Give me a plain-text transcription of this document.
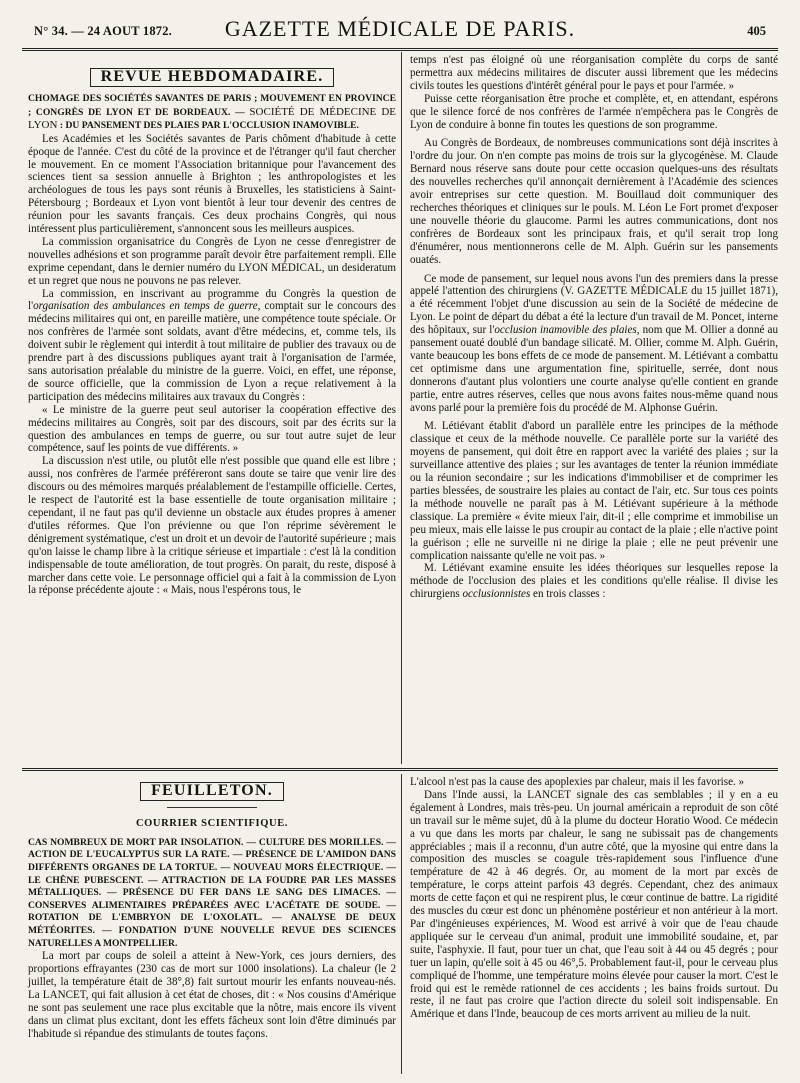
N° 34. — 24 AOUT 1872.	GAZETTE MÉDICALE DE PARIS.	405
REVUE HEBDOMADAIRE.

CHOMAGE DES SOCIÉTÉS SAVANTES DE PARIS ; MOUVEMENT EN PROVINCE ; CONGRÈS DE LYON ET DE BORDEAUX. — SOCIÉTÉ DE MÉDECINE DE LYON : DU PANSEMENT DES PLAIES PAR L'OCCLUSION INAMOVIBLE.

Les Académies et les Sociétés savantes de Paris chôment d'habitude à cette époque de l'année. C'est du côté de la province et de l'étranger qu'il faut chercher le mouvement. En ce moment l'Association britannique pour l'avancement des sciences tient sa session annuelle à Brighton ; les anthropologistes et les archéologues de tous les pays sont réunis à Bruxelles, les statisticiens à Saint-Pétersbourg ; Bordeaux et Lyon vont bientôt à leur tour devenir des centres de réunion pour les savants français. Ces deux prochains Congrès, qui nous intéressent plus particulièrement, s'annoncent sous les meilleurs auspices.

La commission organisatrice du Congrès de Lyon ne cesse d'enregistrer de nouvelles adhésions et son programme paraît devoir être parfaitement rempli. Elle exprime cependant, dans le dernier numéro du LYON MÉDICAL, un desideratum et un regret que nous ne pouvons ne pas relever.

La commission, en inscrivant au programme du Congrès la question de l'organisation des ambulances en temps de guerre, comptait sur le concours des médecins militaires qui ont, en pareille matière, une compétence toute spéciale. Or nos confrères de l'armée sont soldats, avant d'être médecins, et, comme tels, ils doivent subir le règlement qui interdit à tout militaire de publier des travaux ou de prendre part à des discussions publiques ayant trait à l'organisation de l'armée, sans autorisation préalable du ministre de la guerre. Voici, en effet, une réponse, de source officielle, que la commission de Lyon a reçue relativement à la participation des médecins militaires aux travaux du Congrès :

« Le ministre de la guerre peut seul autoriser la coopération effective des médecins militaires au Congrès, soit par des discours, soit par des écrits sur la question des ambulances en temps de guerre, ou sur tout autre sujet de leur compétence, sauf les points de vue différents. »

La discussion n'est utile, ou plutôt elle n'est possible que quand elle est libre ; aussi, nos confrères de l'armée préféreront sans doute se taire que venir lire des discours ou des mémoires marqués préalablement de l'estampille officielle. Certes, le respect de l'autorité est la base essentielle de toute organisation militaire ; cependant, il ne faut pas qu'il devienne un obstacle aux études propres à amener d'utiles réformes. Que l'on prévienne ou que l'on réprime sévèrement le dénigrement systématique, c'est un droit et un devoir de l'autorité supérieure ; mais qu'on laisse le champ libre à la critique sérieuse et impartiale : c'est là la condition indispensable de toute amélioration, de tout progrès. On parait, du reste, disposé à marcher dans cette voie. Le personnage officiel qui a fait à la commission de Lyon la réponse précédente ajoute : « Mais, nous l'espérons tous, le

temps n'est pas éloigné où une réorganisation complète du corps de santé permettra aux médecins militaires de discuter aussi librement que les médecins civils toutes les questions d'intérêt général pour le pays et pour l'armée. »

Puisse cette réorganisation être proche et complète, et, en attendant, espérons que le silence forcé de nos confrères de l'armée n'empêchera pas le Congrès de Lyon de conduire à bonne fin toutes les questions de son programme.

Au Congrès de Bordeaux, de nombreuses communications sont déjà inscrites à l'ordre du jour. On n'en compte pas moins de trois sur la glycogénèse. M. Claude Bernard nous réserve sans doute pour cette occasion quelques-uns des résultats des nouvelles recherches qu'il annonçait dernièrement à l'Académie des sciences avoir entreprises sur cette question. M. Bouillaud doit communiquer des recherches théoriques et cliniques sur le pouls. M. Léon Le Fort promet d'exposer une nouvelle théorie du glaucome. Parmi les autres communications, dont nos confrères de Bordeaux sont les principaux frais, et qu'il serait trop long d'énumérer, nous mentionnerons celle de M. Alph. Guérin sur les pansements ouatés.

Ce mode de pansement, sur lequel nous avons l'un des premiers dans la presse appelé l'attention des chirurgiens (V. GAZETTE MÉDICALE du 15 juillet 1871), a été récemment l'objet d'une discussion au sein de la Société de médecine de Lyon. Le point de départ du débat a été la lecture d'un travail de M. Poncet, interne des hôpitaux, sur l'occlusion inamovible des plaies, nom que M. Ollier a donné au pansement ouaté doublé d'un bandage silicaté. M. Ollier, comme M. Alph. Guérin, vante beaucoup les bons effets de ce mode de pansement. M. Létiévant a combattu cet optimisme dans une argumentation fine, spirituelle, serrée, dont nous donnerons d'autant plus volontiers une courte analyse qu'elle contient en grande partie, entre autres réserves, celles que nous avons faites nous-même quand nous avons parlé pour la première fois du procédé de M. Alphonse Guérin.

M. Létiévant établit d'abord un parallèle entre les principes de la méthode classique et ceux de la méthode nouvelle. Ce parallèle porte sur la variété des moyens de pansement, qui doit être en rapport avec la variété des plaies ; sur la surveillance attentive des plaies ; sur les avantages de tenter la réunion immédiate ou la réunion secondaire ; sur les indications d'immobiliser et de comprimer les parties blessées, de soustraire les plaies au contact de l'air, etc. Sur tous ces points la méthode nouvelle ne paraît pas à M. Létiévant supérieure à la méthode classique. La première « évite mieux l'air, dit-il ; elle comprime et immobilise un peu mieux, mais elle laisse le pus croupir au contact de la plaie ; elle n'active point la guérison ; elle ne surveille ni ne dirige la plaie ; elle ne peut prévenir une complication naissante qu'elle ne voit pas. »

M. Létiévant examine ensuite les idées théoriques sur lesquelles repose la méthode de l'occlusion des plaies et les conditions qu'elle réalise. Il divise les chirurgiens occlusionnistes en trois classes :

FEUILLETON.
COURRIER SCIENTIFIQUE.

CAS NOMBREUX DE MORT PAR INSOLATION. — CULTURE DES MORILLES. — ACTION DE L'EUCALYPTUS SUR LA RATE. — PRÉSENCE DE L'AMIDON DANS DIFFÉRENTS ORGANES DE LA TORTUE. — NOUVEAU MORS ÉLECTRIQUE. — LE CHÊNE PUBESCENT. — ATTRACTION DE LA FOUDRE PAR LES MASSES MÉTALLIQUES. — PRÉSENCE DU FER DANS LE SANG DES LIMACES. — CONSERVES ALIMENTAIRES PRÉPARÉES AVEC L'ACÉTATE DE SOUDE. — ROTATION DE L'EMBRYON DE L'OXOLATL. — ANALYSE DE DEUX MÉTÉORITES. — FONDATION D'UNE NOUVELLE REVUE DES SCIENCES NATURELLES A MONTPELLIER.

La mort par coups de soleil a atteint à New-York, ces jours derniers, des proportions effrayantes (230 cas de mort sur 1000 insolations). La chaleur (le 2 juillet, la température était de 38°,8) fait surtout mourir les enfants nouveau-nés. La LANCET, qui fait allusion à cet état de choses, dit : « Nos cousins d'Amérique ne sont pas seulement une race plus excitable que la nôtre, mais encore ils vivent dans un climat plus excitant, dont les effets fâcheux sont loin d'être diminués par l'habitude si répandue des stimulants de toutes façons.

L'alcool n'est pas la cause des apoplexies par chaleur, mais il les favorise. »

Dans l'Inde aussi, la LANCET signale des cas semblables ; il y en a eu également à Londres, mais très-peu. Un journal américain a reproduit de son côté un travail sur le même sujet, dû à la plume du docteur Horatio Wood. Ce médecin a vu que dans les morts par chaleur, le sang ne subissait pas de changements appréciables ; mais il a reconnu, d'un autre côté, que la myosine qui entre dans la composition des muscles se coagule très-rapidement sous l'influence d'une température de 42 à 46 degrés. Or, au moment de la mort par excès de température, le corps atteint parfois 43 degrés. Cependant, chez des animaux morts de cette façon et qui ne respirent plus, le cœur continue de battre. La rigidité des muscles du cœur est donc un phénomène postérieur et non antérieur à la mort. Par d'ingénieuses expériences, M. Wood est arrivé à voir que de l'eau chaude appliquée sur le cerveau d'un animal, produit une immobilité soudaine, et, par suite, l'asphyxie. Il faut, pour tuer un chat, que l'eau soit à 44 ou 45 degrés ; pour tuer un lapin, qu'elle soit à 45 ou 46°,5. Probablement faut-il, pour le cerveau plus compliqué de l'homme, une température moins élevée pour causer la mort. C'est le froid qui est le remède rationnel de ces accidents ; les bains froids surtout. Du reste, il ne faut pas croire que l'action directe du soleil soit indispensable. En Amérique et dans l'Inde, beaucoup de ces morts arrivent au milieu de la nuit.
